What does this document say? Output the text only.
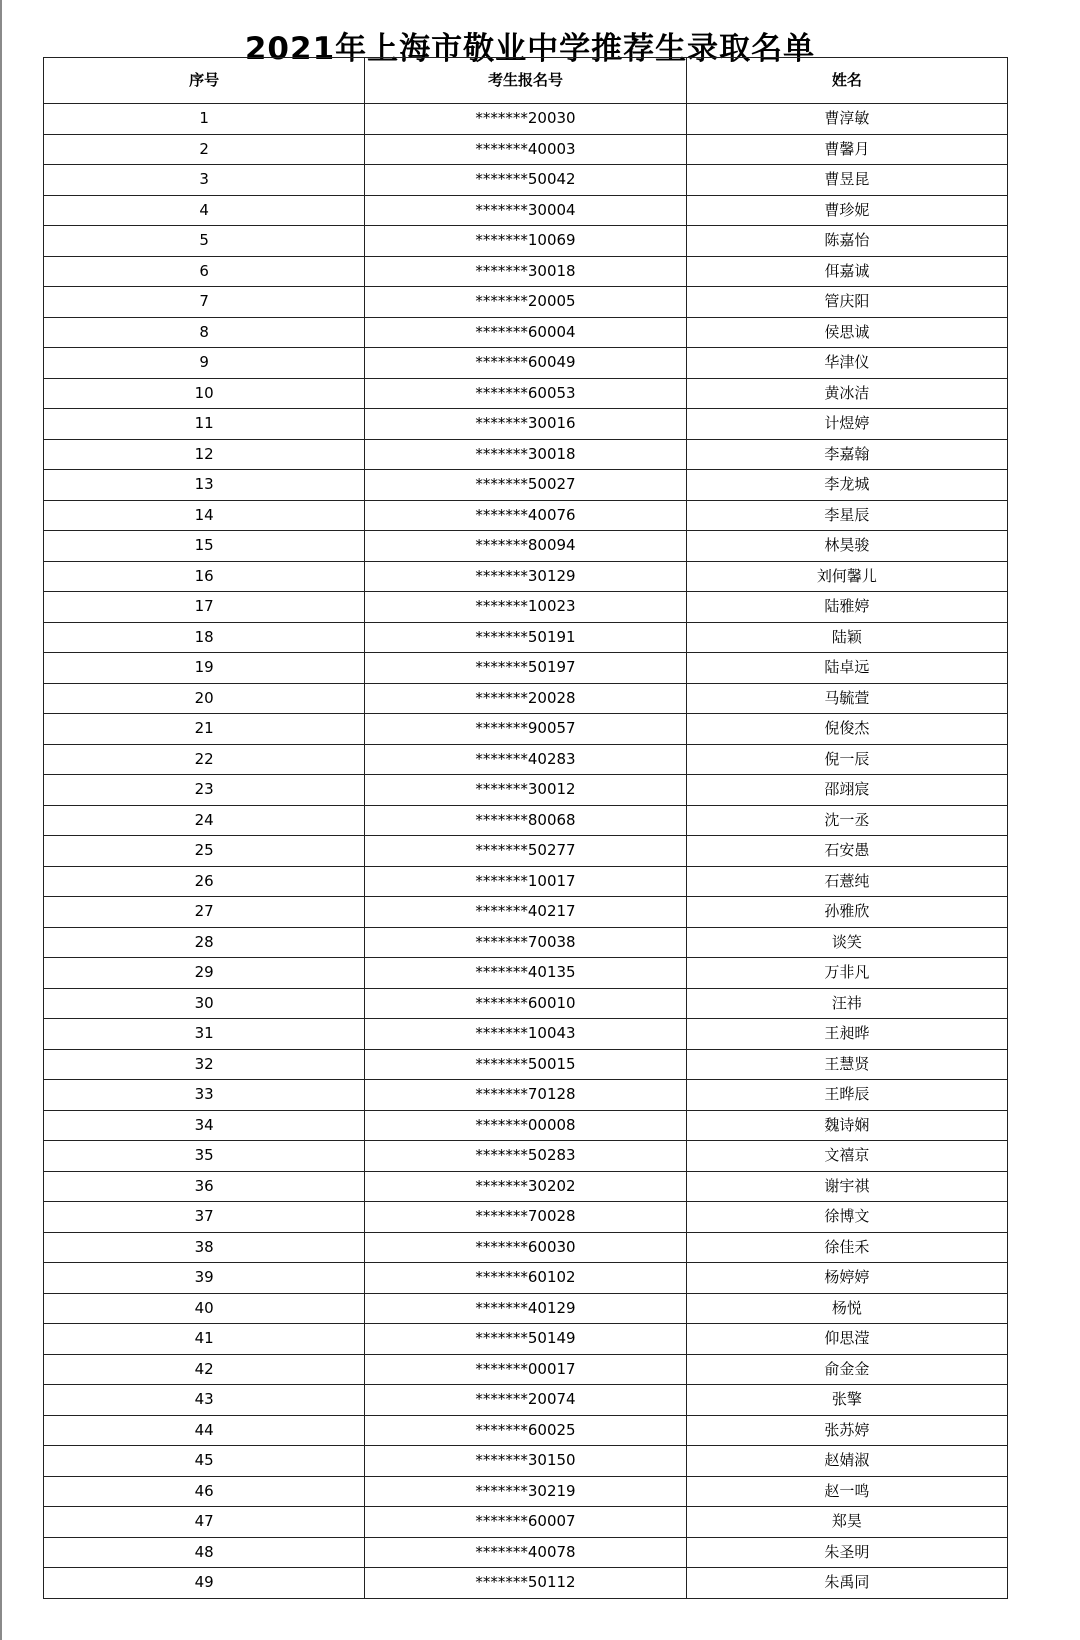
2021年上海市敬业中学推荐生录取名单
序号	考生报名号	姓名
1	*******20030	曹淳敏
2	*******40003	曹馨月
3	*******50042	曹昱昆
4	*******30004	曹珍妮
5	*******10069	陈嘉怡
6	*******30018	佴嘉诚
7	*******20005	管庆阳
8	*******60004	侯思诚
9	*******60049	华津仪
10	*******60053	黄冰洁
11	*******30016	计煜婷
12	*******30018	李嘉翰
13	*******50027	李龙城
14	*******40076	李星辰
15	*******80094	林昊骏
16	*******30129	刘何馨儿
17	*******10023	陆雅婷
18	*******50191	陆颖
19	*******50197	陆卓远
20	*******20028	马毓萱
21	*******90057	倪俊杰
22	*******40283	倪一辰
23	*******30012	邵翊宸
24	*******80068	沈一丞
25	*******50277	石安愚
26	*******10017	石薏纯
27	*******40217	孙雅欣
28	*******70038	谈笑
29	*******40135	万非凡
30	*******60010	汪祎
31	*******10043	王昶晔
32	*******50015	王慧贤
33	*******70128	王晔辰
34	*******00008	魏诗娴
35	*******50283	文禧京
36	*******30202	谢宇祺
37	*******70028	徐博文
38	*******60030	徐佳禾
39	*******60102	杨婷婷
40	*******40129	杨悦
41	*******50149	仰思滢
42	*******00017	俞金金
43	*******20074	张擎
44	*******60025	张苏婷
45	*******30150	赵婧淑
46	*******30219	赵一鸣
47	*******60007	郑昊
48	*******40078	朱圣明
49	*******50112	朱禹同
